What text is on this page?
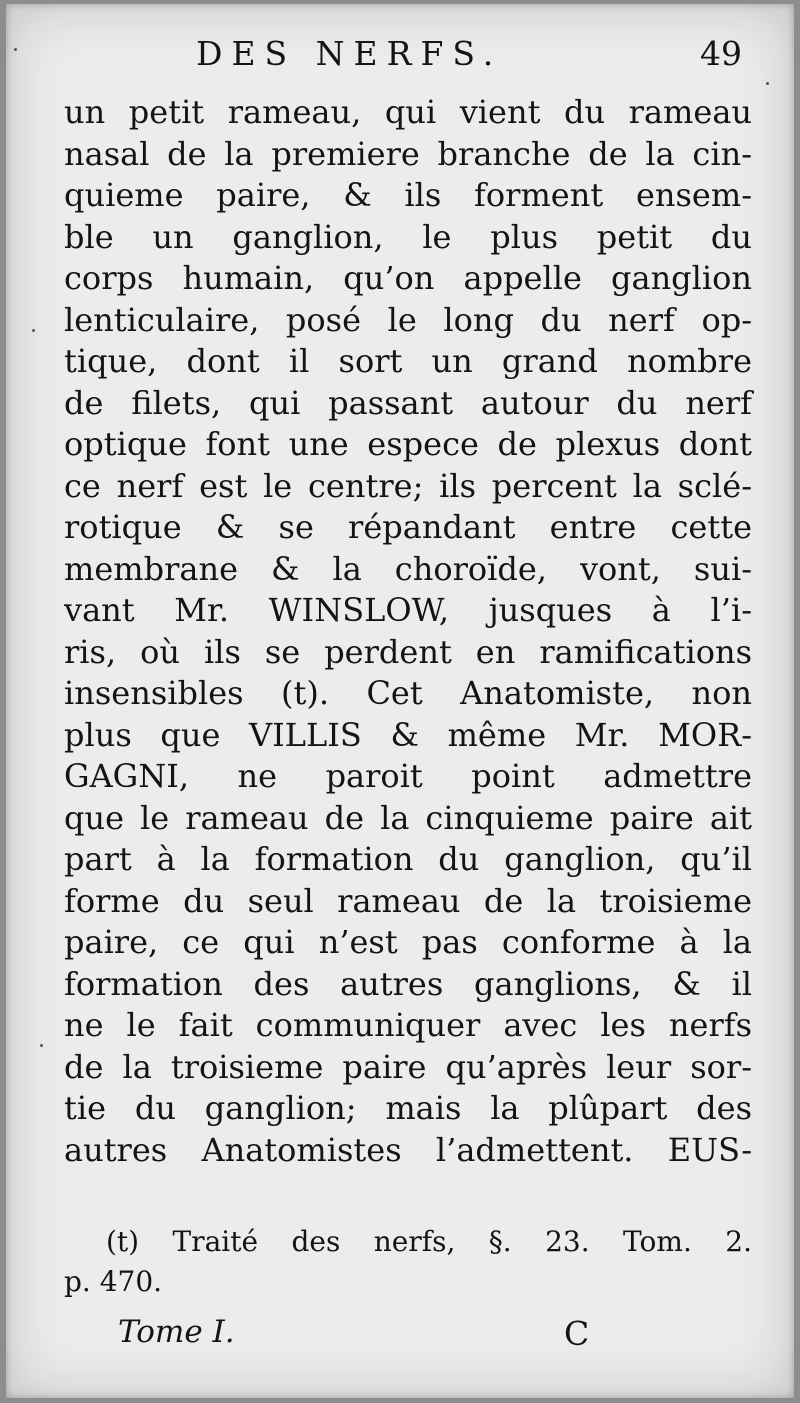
DES NERFS.	49
un petit rameau, qui vient du rameau
nasal de la premiere branche de la cin-
quieme paire, & ils forment ensem-
ble un ganglion, le plus petit du
corps humain, qu’on appelle ganglion
lenticulaire, posé le long du nerf op-
tique, dont il sort un grand nombre
de filets, qui passant autour du nerf
optique font une espece de plexus dont
ce nerf est le centre; ils percent la sclé-
rotique & se répandant entre cette
membrane & la choroïde, vont, sui-
vant Mr. WINSLOW, jusques à l’i-
ris, où ils se perdent en ramifications
insensibles (t). Cet Anatomiste, non
plus que VILLIS & même Mr. MOR-
GAGNI, ne paroit point admettre
que le rameau de la cinquieme paire ait
part à la formation du ganglion, qu’il
forme du seul rameau de la troisieme
paire, ce qui n’est pas conforme à la
formation des autres ganglions, & il
ne le fait communiquer avec les nerfs
de la troisieme paire qu’après leur sor-
tie du ganglion; mais la plûpart des
autres Anatomistes l’admettent. EUS-
(t) Traité des nerfs, §. 23. Tom. 2.
p. 470.
Tome I.	C
